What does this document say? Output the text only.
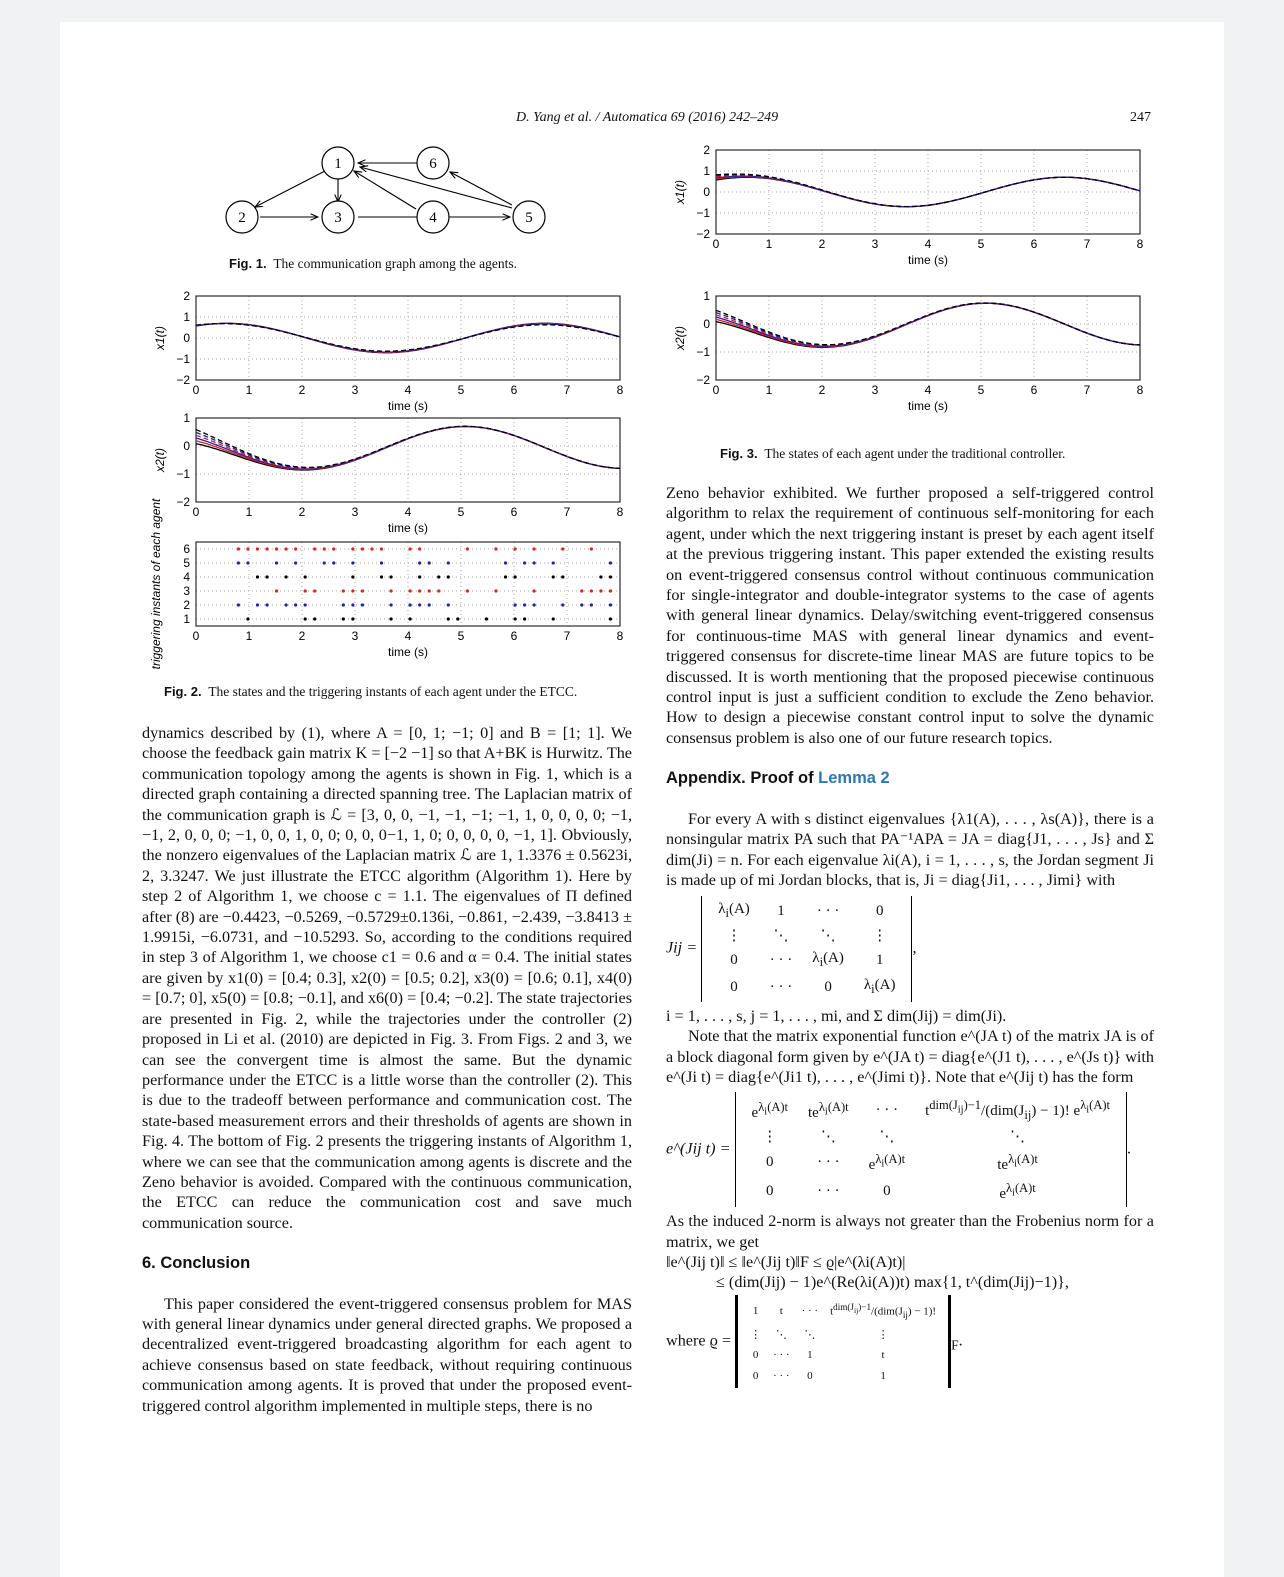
D. Yang et al. / Automatica 69 (2016) 242–249	247
1
2	3	4	5
6
Fig. 1. The communication graph among the agents.
2
1
0
−1
−2
0	1	2	3	4	5	6	7	8
time (s)
x1(t)
1
0
−1
−2
0	1	2	3	4	5	6	7	8
time (s)
x2(t)
6
5
4
3
2
1
0	1	2	3	4	5	6	7	8
time (s)
triggering instants of each agent
Fig. 2. The states and the triggering instants of each agent under the ETCC.
2
1
0
−1
−2
0	1	2	3	4	5	6	7	8
time (s)
x1(t)
1
0
−1
−2
0	1	2	3	4	5	6	7	8
time (s)
x2(t)
Fig. 3. The states of each agent under the traditional controller.

dynamics described by (1), where A = [0, 1; −1; 0] and B = [1; 1]. We choose the feedback gain matrix K = [−2 −1] so that A+BK is Hurwitz. The communication topology among the agents is shown in Fig. 1, which is a directed graph containing a directed spanning tree. The Laplacian matrix of the communication graph is ℒ = [3, 0, 0, −1, −1, −1; −1, 1, 0, 0, 0, 0; −1, −1, 2, 0, 0, 0; −1, 0, 0, 1, 0, 0; 0, 0, 0−1, 1, 0; 0, 0, 0, 0, −1, 1]. Obviously, the nonzero eigenvalues of the Laplacian matrix ℒ are 1, 1.3376 ± 0.5623i, 2, 3.3247. We just illustrate the ETCC algorithm (Algorithm 1). Here by step 2 of Algorithm 1, we choose c = 1.1. The eigenvalues of Π defined after (8) are −0.4423, −0.5269, −0.5729±0.136i, −0.861, −2.439, −3.8413 ± 1.9915i, −6.0731, and −10.5293. So, according to the conditions required in step 3 of Algorithm 1, we choose c1 = 0.6 and α = 0.4. The initial states are given by x1(0) = [0.4; 0.3], x2(0) = [0.5; 0.2], x3(0) = [0.6; 0.1], x4(0) = [0.7; 0], x5(0) = [0.8; −0.1], and x6(0) = [0.4; −0.2]. The state trajectories are presented in Fig. 2, while the trajectories under the controller (2) proposed in Li et al. (2010) are depicted in Fig. 3. From Figs. 2 and 3, we can see the convergent time is almost the same. But the dynamic performance under the ETCC is a little worse than the controller (2). This is due to the tradeoff between performance and communication cost. The state-based measurement errors and their thresholds of agents are shown in Fig. 4. The bottom of Fig. 2 presents the triggering instants of Algorithm 1, where we can see that the communication among agents is discrete and the Zeno behavior is avoided. Compared with the continuous communication, the ETCC can reduce the communication cost and save much communication source.

6. Conclusion

This paper considered the event-triggered consensus problem for MAS with general linear dynamics under general directed graphs. We proposed a decentralized event-triggered broadcasting algorithm for each agent to achieve consensus based on state feedback, without requiring continuous communication among agents. It is proved that under the proposed event-triggered control algorithm implemented in multiple steps, there is no

Zeno behavior exhibited. We further proposed a self-triggered control algorithm to relax the requirement of continuous self-monitoring for each agent, under which the next triggering instant is preset by each agent itself at the previous triggering instant. This paper extended the existing results on event-triggered consensus control without continuous communication for single-integrator and double-integrator systems to the case of agents with general linear dynamics. Delay/switching event-triggered consensus for continuous-time MAS with general linear dynamics and event-triggered consensus for discrete-time linear MAS are future topics to be discussed. It is worth mentioning that the proposed piecewise continuous control input is just a sufficient condition to exclude the Zeno behavior. How to design a piecewise constant control input to solve the dynamic consensus problem is also one of our future research topics.

Appendix. Proof of Lemma 2

For every A with s distinct eigenvalues {λ1(A), . . . , λs(A)}, there is a nonsingular matrix PA such that PA⁻¹APA = JA = diag{J1, . . . , Js} and Σ dim(Ji) = n. For each eigenvalue λi(A), i = 1, . . . , s, the Jordan segment Ji is made up of mi Jordan blocks, that is, Ji = diag{Ji1, . . . , Jimi} with

Jij =
$\lambda_i(A)$	1	· · ·	0
⋮	⋱	⋱	⋮
0	· · ·	$\lambda_i(A)$	1
0	· · ·	0	$\lambda_i(A)$
,

i = 1, . . . , s, j = 1, . . . , mi, and Σ dim(Jij) = dim(Ji).

Note that the matrix exponential function e^(JA t) of the matrix JA is of a block diagonal form given by e^(JA t) = diag{e^(J1 t), . . . , e^(Js t)} with e^(Ji t) = diag{e^(Ji1 t), . . . , e^(Jimi t)}. Note that e^(Jij t) has the form

e^(Jij t) =
$e^{\lambda_i(A)t}$	$te^{\lambda_i(A)t}$	· · ·	$t^{dim(J_{ij})-1}/(dim(J_{ij}) - 1)$! $e^{\lambda_i(A)t}$
⋮	⋱	⋱	⋱
0	· · ·	$e^{\lambda_i(A)t}$	$te^{\lambda_i(A)t}$
0	· · ·	0	$e^{\lambda_i(A)t}$
.

As the induced 2-norm is always not greater than the Frobenius norm for a matrix, we get

‖e^(Jij t)‖ ≤ ‖e^(Jij t)‖F ≤ ϱ|e^(λi(A)t)|

≤ (dim(Jij) − 1)e^(Re(λi(A))t) max{1, t^(dim(Jij)−1)},

where ϱ =
1	t	· · ·	$t^{dim(J_{ij})-1}/(dim(J_{ij}) - 1)$!
⋮	⋱	⋱	⋮
0	· · ·	1	t
0	· · ·	0	1
$_F$.
